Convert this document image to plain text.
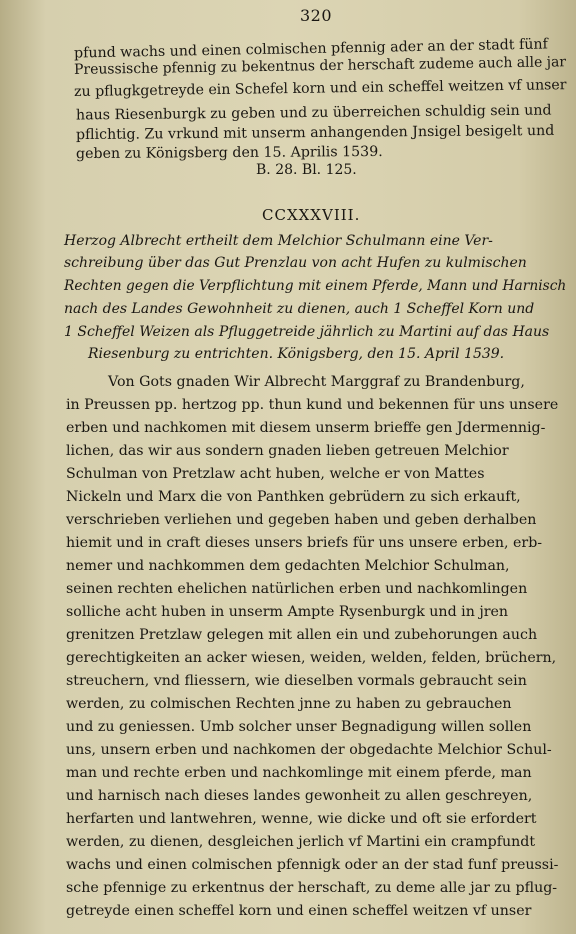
320
pfund wachs und einen colmischen pfennig ader an der stadt fünf
Preussische pfennig zu bekentnus der herschaft zudeme auch alle jar
zu pflugkgetreyde ein Schefel korn und ein scheffel weitzen vf unser
haus Riesenburgk zu geben und zu überreichen schuldig sein und
pflichtig. Zu vrkund mit unserm anhangenden Jnsigel besigelt und
geben zu Königsberg den 15. Aprilis 1539.
B. 28. Bl. 125.
CCXXXVIII.
Herzog Albrecht ertheilt dem Melchior Schulmann eine Ver-
schreibung über das Gut Prenzlau von acht Hufen zu kulmischen
Rechten gegen die Verpflichtung mit einem Pferde, Mann und Harnisch
nach des Landes Gewohnheit zu dienen, auch 1 Scheffel Korn und
1 Scheffel Weizen als Pfluggetreide jährlich zu Martini auf das Haus
Riesenburg zu entrichten. Königsberg, den 15. April 1539.
Von Gots gnaden Wir Albrecht Marggraf zu Brandenburg,
in Preussen pp. hertzog pp. thun kund und bekennen für uns unsere
erben und nachkomen mit diesem unserm brieffe gen Jdermennig-
lichen, das wir aus sondern gnaden lieben getreuen Melchior
Schulman von Pretzlaw acht huben, welche er von Mattes
Nickeln und Marx die von Panthken gebrüdern zu sich erkauft,
verschrieben verliehen und gegeben haben und geben derhalben
hiemit und in craft dieses unsers briefs für uns unsere erben, erb-
nemer und nachkommen dem gedachten Melchior Schulman,
seinen rechten ehelichen natürlichen erben und nachkomlingen
solliche acht huben in unserm Ampte Rysenburgk und in jren
grenitzen Pretzlaw gelegen mit allen ein und zubehorungen auch
gerechtigkeiten an acker wiesen, weiden, welden, felden, brüchern,
streuchern, vnd fliessern, wie dieselben vormals gebraucht sein
werden, zu colmischen Rechten jnne zu haben zu gebrauchen
und zu geniessen. Umb solcher unser Begnadigung willen sollen
uns, unsern erben und nachkomen der obgedachte Melchior Schul-
man und rechte erben und nachkomlinge mit einem pferde, man
und harnisch nach dieses landes gewonheit zu allen geschreyen,
herfarten und lantwehren, wenne, wie dicke und oft sie erfordert
werden, zu dienen, desgleichen jerlich vf Martini ein crampfundt
wachs und einen colmischen pfennigk oder an der stad funf preussi-
sche pfennige zu erkentnus der herschaft, zu deme alle jar zu pflug-
getreyde einen scheffel korn und einen scheffel weitzen vf unser
